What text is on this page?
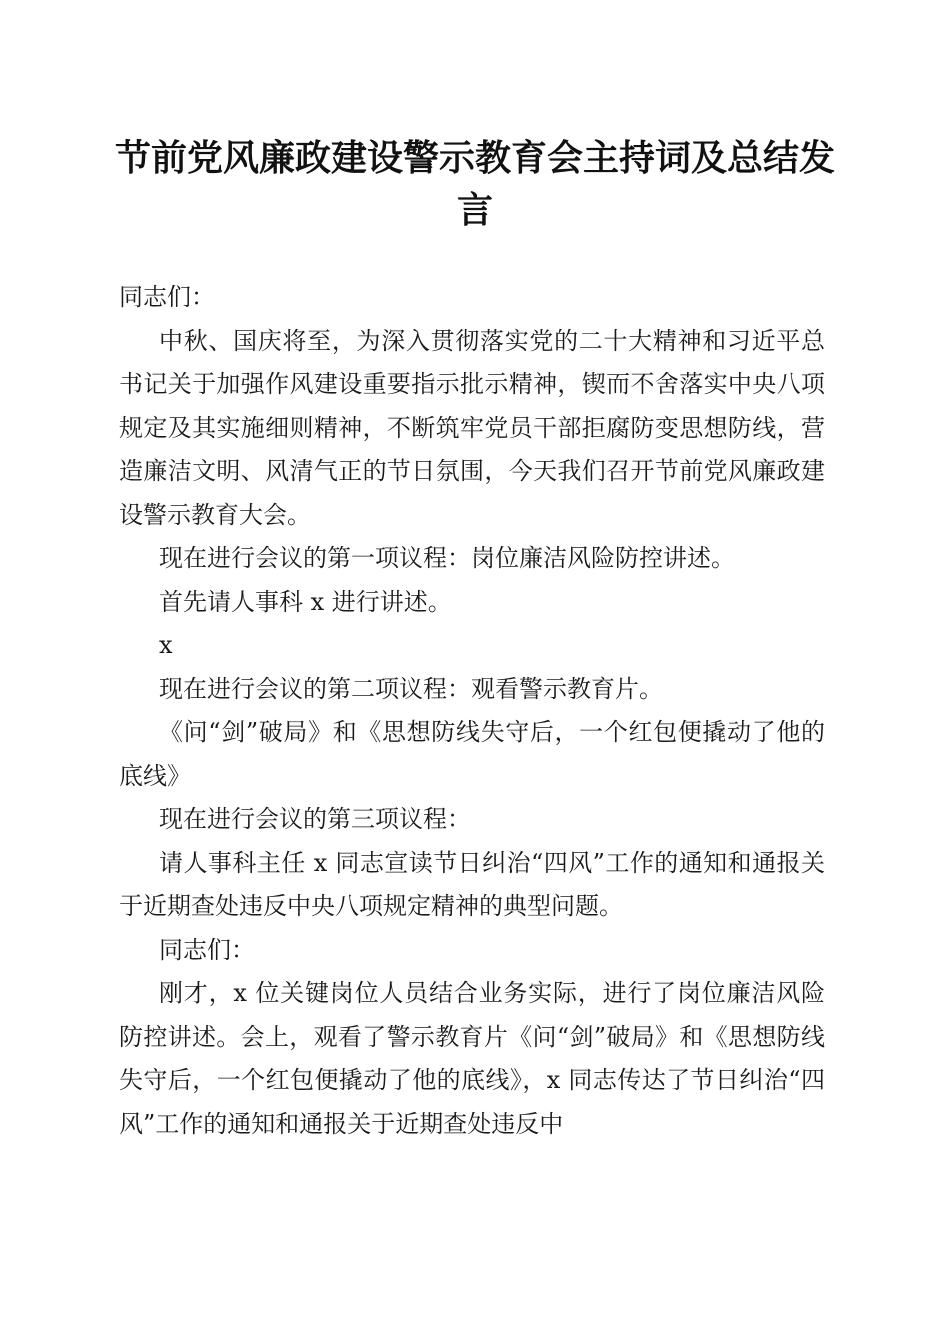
节前党风廉政建设警示教育会主持词及总结发言

同志们：

中秋、国庆将至，为深入贯彻落实党的二十大精神和习近平总书记关于加强作风建设重要指示批示精神，锲而不舍落实中央八项规定及其实施细则精神，不断筑牢党员干部拒腐防变思想防线，营造廉洁文明、风清气正的节日氛围，今天我们召开节前党风廉政建设警示教育大会。

现在进行会议的第一项议程：岗位廉洁风险防控讲述。

首先请人事科 x 进行讲述。

x

现在进行会议的第二项议程：观看警示教育片。

《问“剑”破局》和《思想防线失守后，一个红包便撬动了他的底线》

现在进行会议的第三项议程：

请人事科主任 x 同志宣读节日纠治“四风”工作的通知和通报关于近期查处违反中央八项规定精神的典型问题。

同志们：

刚才，x 位关键岗位人员结合业务实际，进行了岗位廉洁风险防控讲述。会上，观看了警示教育片《问“剑”破局》和《思想防线失守后，一个红包便撬动了他的底线》，x 同志传达了节日纠治“四风”工作的通知和通报关于近期查处违反中
